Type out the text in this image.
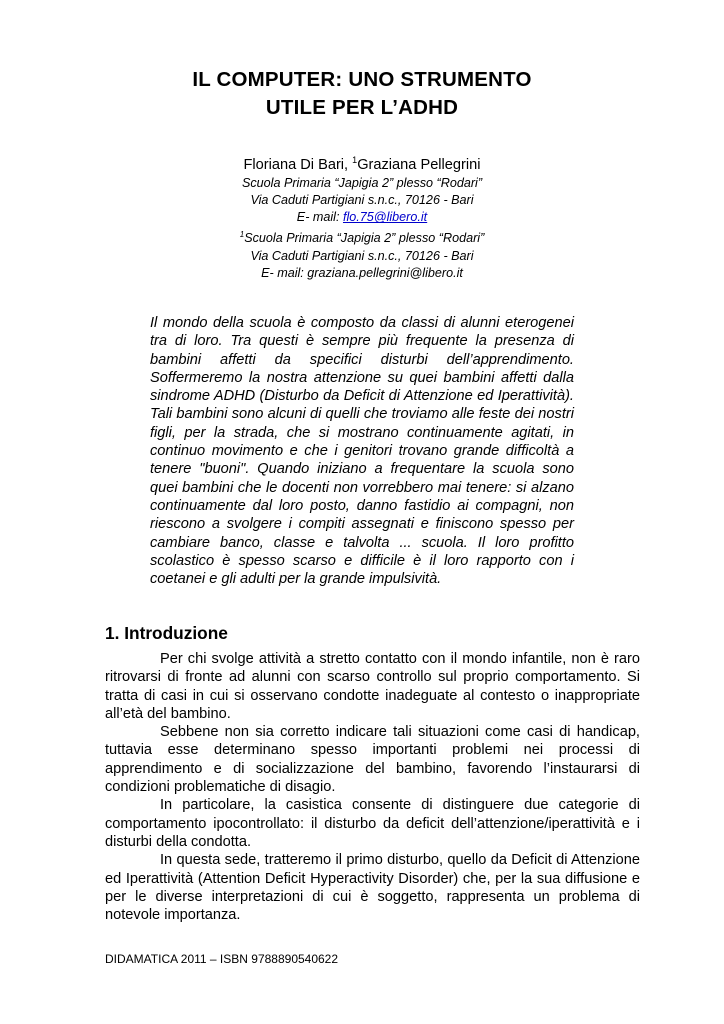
IL COMPUTER: UNO STRUMENTO
UTILE PER L’ADHD
Floriana Di Bari, $^1$Graziana Pellegrini
Scuola Primaria “Japigia 2” plesso “Rodari”
Via Caduti Partigiani s.n.c., 70126 - Bari
E- mail: flo.75@libero.it
$^1$Scuola Primaria “Japigia 2” plesso “Rodari”
Via Caduti Partigiani s.n.c., 70126 - Bari
E- mail: graziana.pellegrini@libero.it
Il mondo della scuola è composto da classi di alunni eterogenei tra di loro. Tra questi è sempre più frequente la presenza di bambini affetti da specifici disturbi dell’apprendimento. Soffermeremo la nostra attenzione su quei bambini affetti dalla sindrome ADHD (Disturbo da Deficit di Attenzione ed Iperattività). Tali bambini sono alcuni di quelli che troviamo alle feste dei nostri figli, per la strada, che si mostrano continuamente agitati, in continuo movimento e che i genitori trovano grande difficoltà a tenere "buoni". Quando iniziano a frequentare la scuola sono quei bambini che le docenti non vorrebbero mai tenere: si alzano continuamente dal loro posto, danno fastidio ai compagni, non riescono a svolgere i compiti assegnati e finiscono spesso per cambiare banco, classe e talvolta ... scuola. Il loro profitto scolastico è spesso scarso e difficile è il loro rapporto con i coetanei e gli adulti per la grande impulsività.
1. Introduzione

Per chi svolge attività a stretto contatto con il mondo infantile, non è raro ritrovarsi di fronte ad alunni con scarso controllo sul proprio comportamento. Si tratta di casi in cui si osservano condotte inadeguate al contesto o inappropriate all’età del bambino.

Sebbene non sia corretto indicare tali situazioni come casi di handicap, tuttavia esse determinano spesso importanti problemi nei processi di apprendimento e di socializzazione del bambino, favorendo l’instaurarsi di condizioni problematiche di disagio.

In particolare, la casistica consente di distinguere due categorie di comportamento ipocontrollato: il disturbo da deficit dell’attenzione/iperattività e i disturbi della condotta.

In questa sede, tratteremo il primo disturbo, quello da Deficit di Attenzione ed Iperattività (Attention Deficit Hyperactivity Disorder) che, per la sua diffusione e per le diverse interpretazioni di cui è soggetto, rappresenta un problema di notevole importanza.

DIDAMATICA 2011 – ISBN 9788890540622
